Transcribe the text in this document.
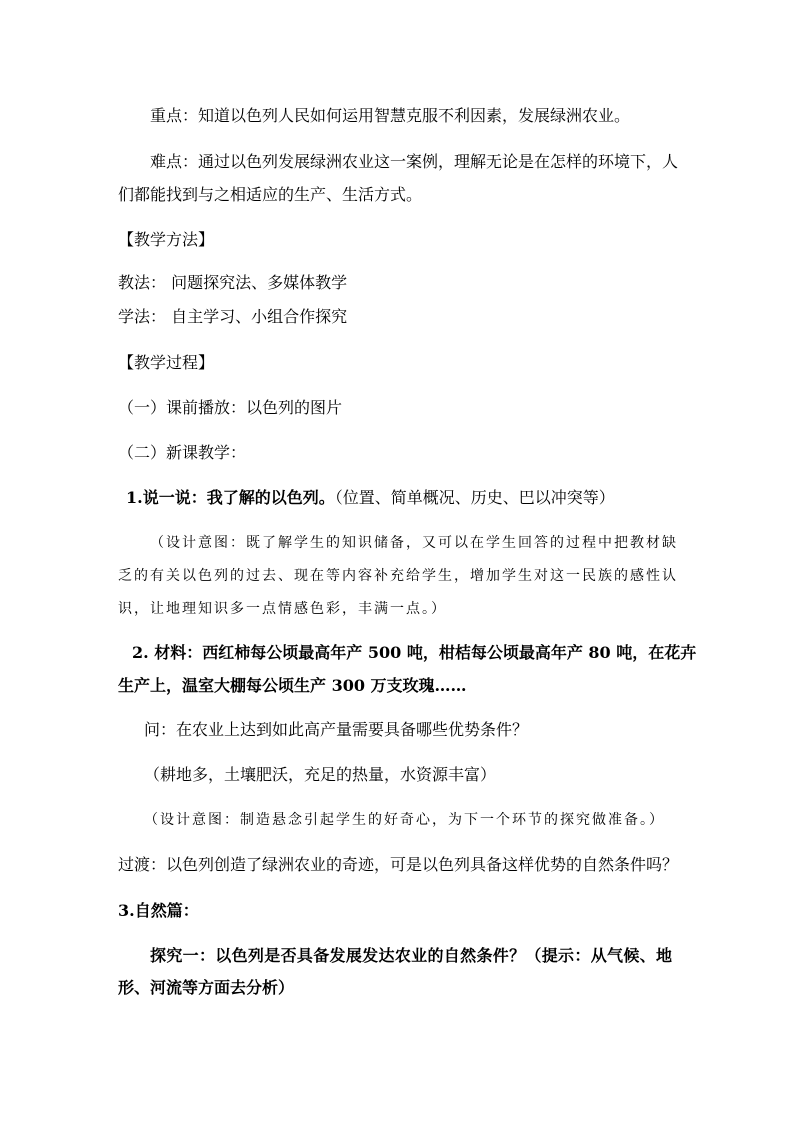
重点：知道以色列人民如何运用智慧克服不利因素，发展绿洲农业。
难点：通过以色列发展绿洲农业这一案例，理解无论是在怎样的环境下，人
们都能找到与之相适应的生产、生活方式。
【教学方法】
教法： 问题探究法、多媒体教学
学法： 自主学习、小组合作探究
【教学过程】
（一）课前播放：以色列的图片
（二）新课教学：
1.说一说：我了解的以色列。（位置、简单概况、历史、巴以冲突等）
（设计意图：既了解学生的知识储备，又可以在学生回答的过程中把教材缺
乏的有关以色列的过去、现在等内容补充给学生，增加学生对这一民族的感性认
识，让地理知识多一点情感色彩，丰满一点。）
2. 材料：西红柿每公顷最高年产 500 吨，柑桔每公顷最高年产 80 吨，在花卉
生产上，温室大棚每公顷生产 300 万支玫瑰……
问：在农业上达到如此高产量需要具备哪些优势条件？
（耕地多，土壤肥沃，充足的热量，水资源丰富）
（设计意图：制造悬念引起学生的好奇心，为下一个环节的探究做准备。）
过渡：以色列创造了绿洲农业的奇迹，可是以色列具备这样优势的自然条件吗？
3.自然篇：
探究一：以色列是否具备发展发达农业的自然条件？（提示：从气候、地
形、河流等方面去分析）
